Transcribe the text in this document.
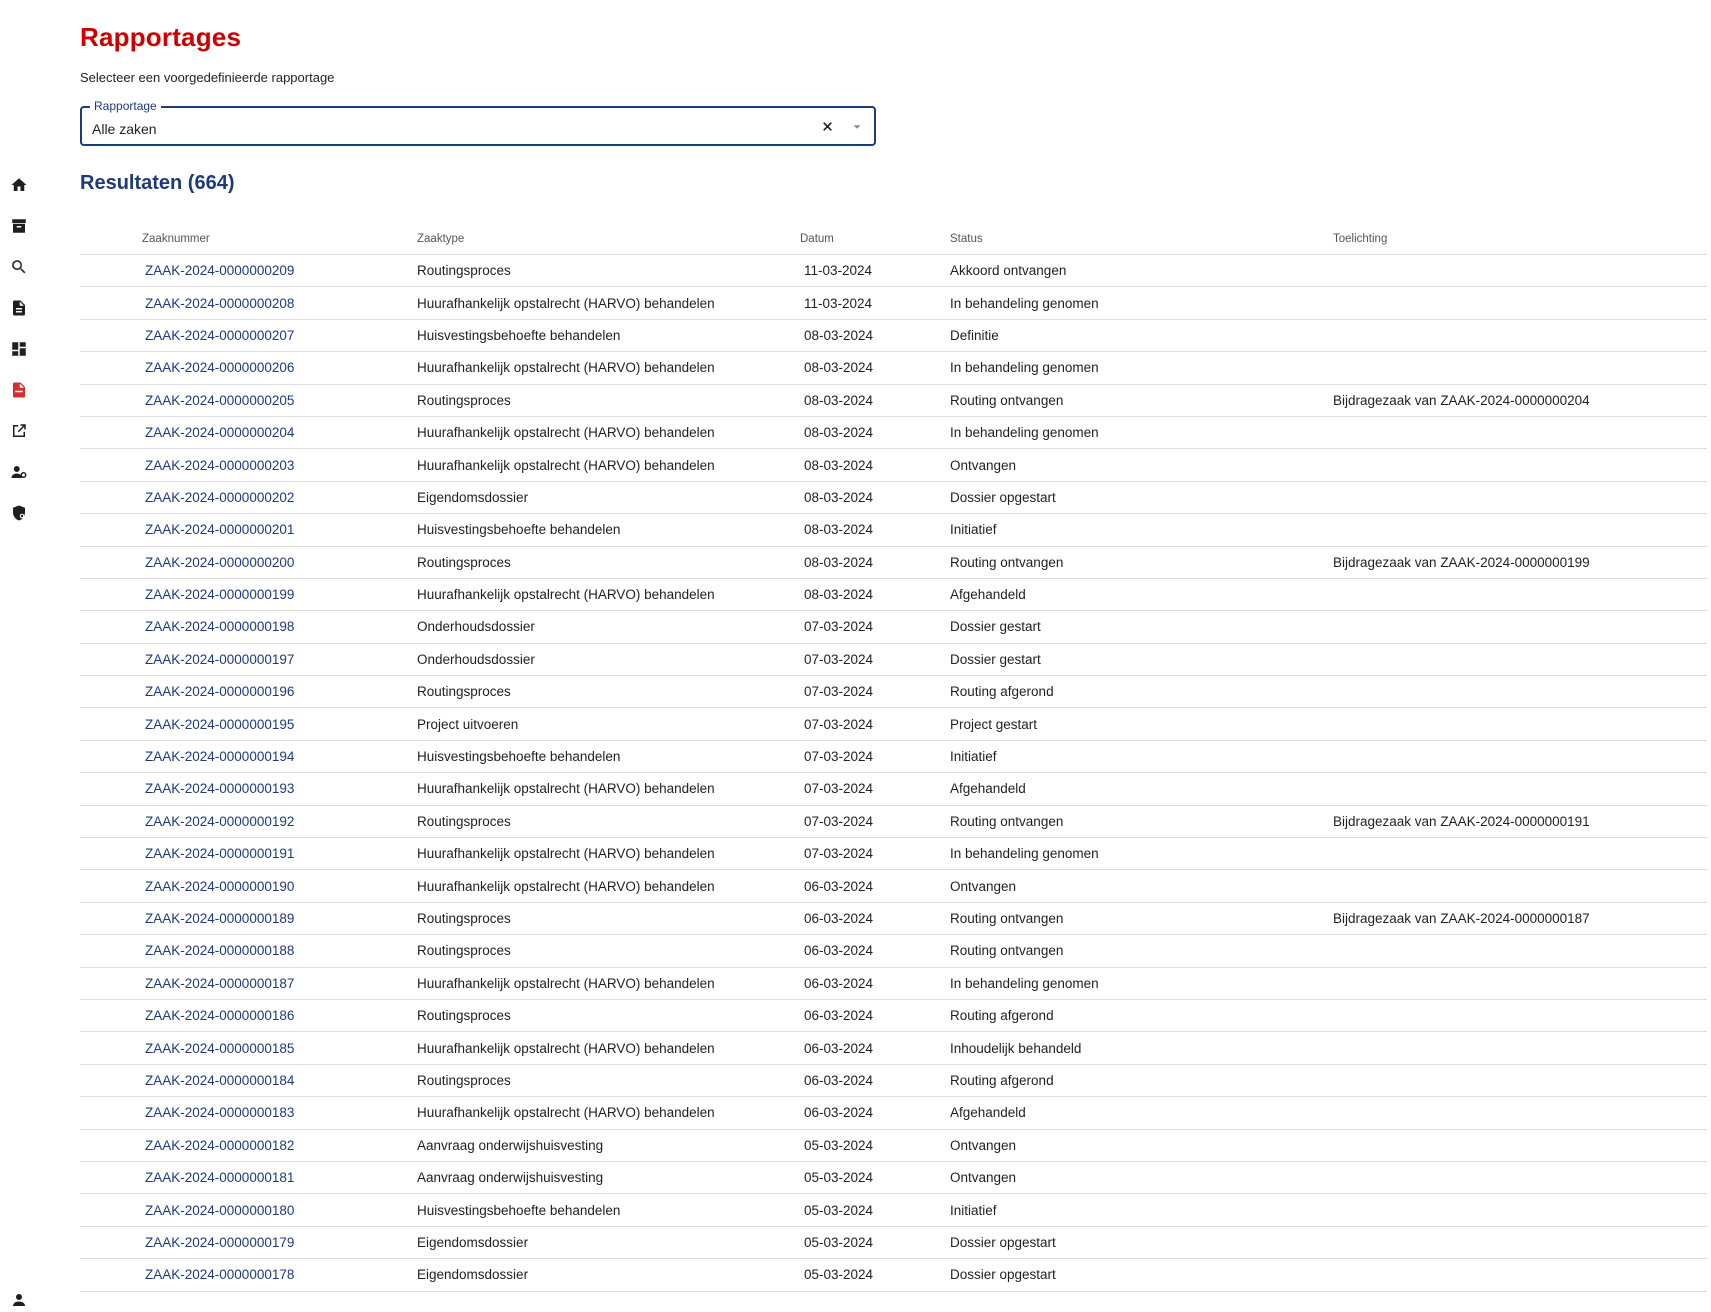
Rapportages
Selecteer een voorgedefinieerde rapportage
Rapportage
Alle zaken
Resultaten (664)
Zaaknummer	Zaaktype	Datum	Status	Toelichting
ZAAK-2024-0000000209	Routingsproces	11-03-2024	Akkoord ontvangen
ZAAK-2024-0000000208	Huurafhankelijk opstalrecht (HARVO) behandelen	11-03-2024	In behandeling genomen
ZAAK-2024-0000000207	Huisvestingsbehoefte behandelen	08-03-2024	Definitie
ZAAK-2024-0000000206	Huurafhankelijk opstalrecht (HARVO) behandelen	08-03-2024	In behandeling genomen
ZAAK-2024-0000000205	Routingsproces	08-03-2024	Routing ontvangen	Bijdragezaak van ZAAK-2024-0000000204
ZAAK-2024-0000000204	Huurafhankelijk opstalrecht (HARVO) behandelen	08-03-2024	In behandeling genomen
ZAAK-2024-0000000203	Huurafhankelijk opstalrecht (HARVO) behandelen	08-03-2024	Ontvangen
ZAAK-2024-0000000202	Eigendomsdossier	08-03-2024	Dossier opgestart
ZAAK-2024-0000000201	Huisvestingsbehoefte behandelen	08-03-2024	Initiatief
ZAAK-2024-0000000200	Routingsproces	08-03-2024	Routing ontvangen	Bijdragezaak van ZAAK-2024-0000000199
ZAAK-2024-0000000199	Huurafhankelijk opstalrecht (HARVO) behandelen	08-03-2024	Afgehandeld
ZAAK-2024-0000000198	Onderhoudsdossier	07-03-2024	Dossier gestart
ZAAK-2024-0000000197	Onderhoudsdossier	07-03-2024	Dossier gestart
ZAAK-2024-0000000196	Routingsproces	07-03-2024	Routing afgerond
ZAAK-2024-0000000195	Project uitvoeren	07-03-2024	Project gestart
ZAAK-2024-0000000194	Huisvestingsbehoefte behandelen	07-03-2024	Initiatief
ZAAK-2024-0000000193	Huurafhankelijk opstalrecht (HARVO) behandelen	07-03-2024	Afgehandeld
ZAAK-2024-0000000192	Routingsproces	07-03-2024	Routing ontvangen	Bijdragezaak van ZAAK-2024-0000000191
ZAAK-2024-0000000191	Huurafhankelijk opstalrecht (HARVO) behandelen	07-03-2024	In behandeling genomen
ZAAK-2024-0000000190	Huurafhankelijk opstalrecht (HARVO) behandelen	06-03-2024	Ontvangen
ZAAK-2024-0000000189	Routingsproces	06-03-2024	Routing ontvangen	Bijdragezaak van ZAAK-2024-0000000187
ZAAK-2024-0000000188	Routingsproces	06-03-2024	Routing ontvangen
ZAAK-2024-0000000187	Huurafhankelijk opstalrecht (HARVO) behandelen	06-03-2024	In behandeling genomen
ZAAK-2024-0000000186	Routingsproces	06-03-2024	Routing afgerond
ZAAK-2024-0000000185	Huurafhankelijk opstalrecht (HARVO) behandelen	06-03-2024	Inhoudelijk behandeld
ZAAK-2024-0000000184	Routingsproces	06-03-2024	Routing afgerond
ZAAK-2024-0000000183	Huurafhankelijk opstalrecht (HARVO) behandelen	06-03-2024	Afgehandeld
ZAAK-2024-0000000182	Aanvraag onderwijshuisvesting	05-03-2024	Ontvangen
ZAAK-2024-0000000181	Aanvraag onderwijshuisvesting	05-03-2024	Ontvangen
ZAAK-2024-0000000180	Huisvestingsbehoefte behandelen	05-03-2024	Initiatief
ZAAK-2024-0000000179	Eigendomsdossier	05-03-2024	Dossier opgestart
ZAAK-2024-0000000178	Eigendomsdossier	05-03-2024	Dossier opgestart
